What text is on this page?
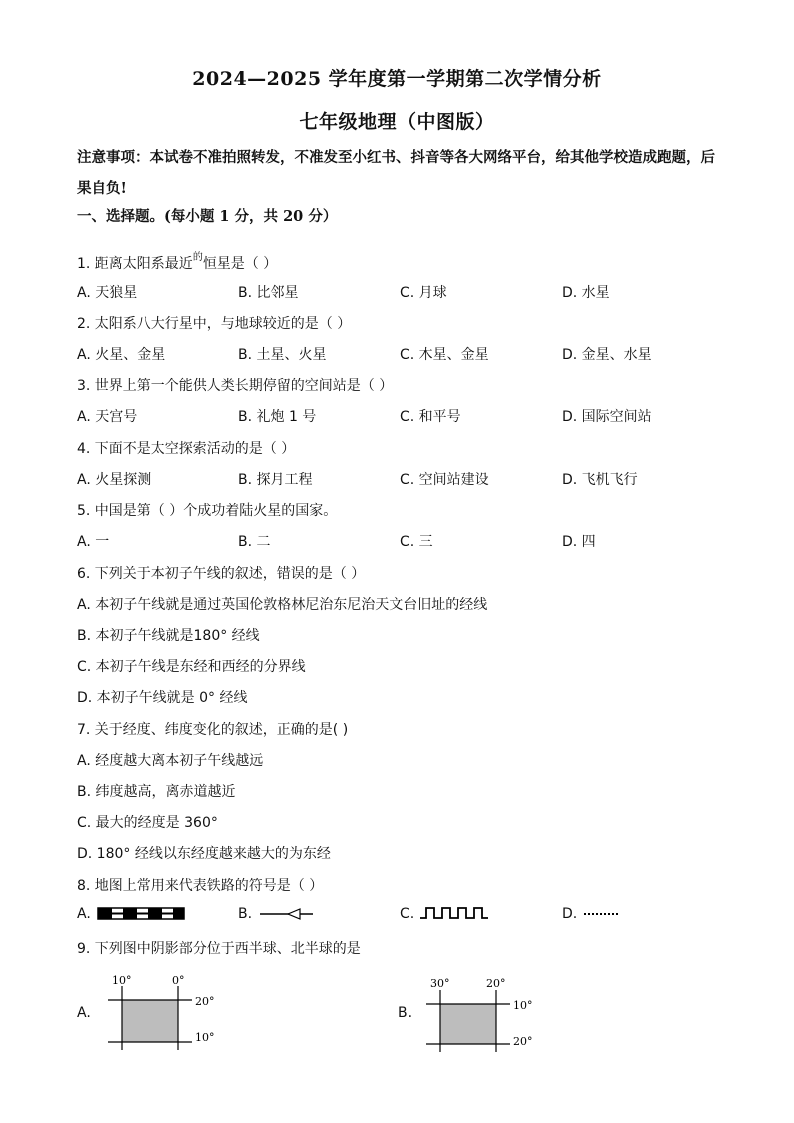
2024—2025 学年度第一学期第二次学情分析
七年级地理（中图版）
注意事项：本试卷不准拍照转发，不准发至小红书、抖音等各大网络平台，给其他学校造成跑题，后果自负!
一、选择题。(每小题 1 分，共 20 分）
1. 距离太阳系最近$^的$恒星是（ ）
A. 天狼星	B. 比邻星	C. 月球	D. 水星
2. 太阳系八大行星中，与地球较近的是（ ）
A. 火星、金星	B. 土星、火星	C. 木星、金星	D. 金星、水星
3. 世界上第一个能供人类长期停留的空间站是（ ）
A. 天宫号	B. 礼炮 1 号	C. 和平号	D. 国际空间站
4. 下面不是太空探索活动的是（ ）
A. 火星探测	B. 探月工程	C. 空间站建设	D. 飞机飞行
5. 中国是第（ ）个成功着陆火星的国家。
A. 一	B. 二	C. 三	D. 四
6. 下列关于本初子午线的叙述，错误的是（ ）
A. 本初子午线就是通过英国伦敦格林尼治东尼治天文台旧址的经线
B. 本初子午线就是180° 经线
C. 本初子午线是东经和西经的分界线
D. 本初子午线就是 0° 经线
7. 关于经度、纬度变化的叙述，正确的是( )
A. 经度越大离本初子午线越远
B. 纬度越高，离赤道越近
C. 最大的经度是 360°
D. 180° 经线以东经度越来越大的为东经
8. 地图上常用来代表铁路的符号是（ ）
A.	B.	C.	D.
9. 下列图中阴影部分位于西半球、北半球的是
A.	B.
10°	0°
20°
10°
30°	20°
10°
20°
